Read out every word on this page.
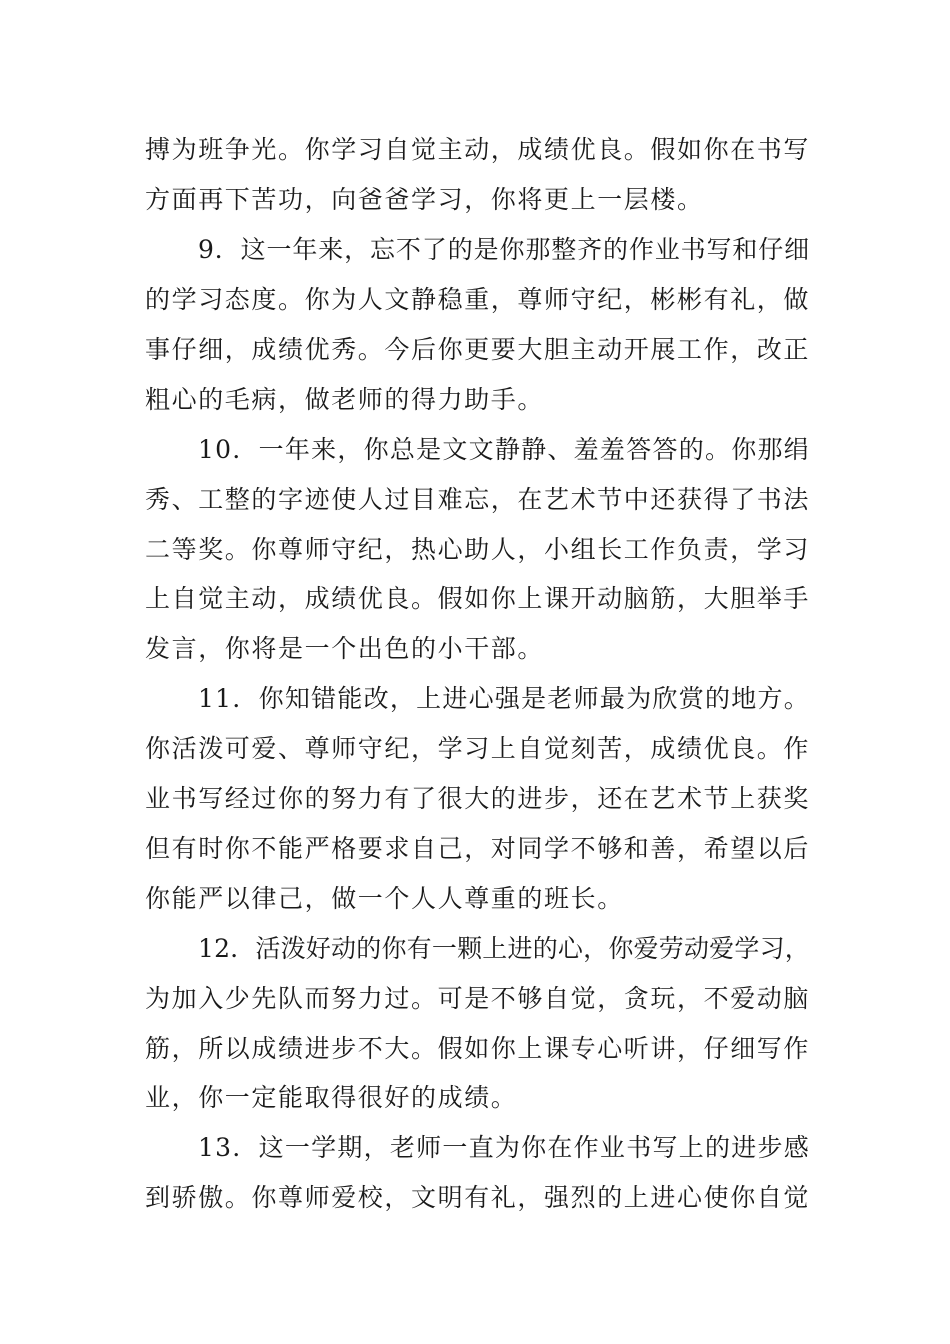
搏为班争光。你学习自觉主动，成绩优良。假如你在书写

方面再下苦功，向爸爸学习，你将更上一层楼。

9．这一年来，忘不了的是你那整齐的作业书写和仔细

的学习态度。你为人文静稳重，尊师守纪，彬彬有礼，做

事仔细，成绩优秀。今后你更要大胆主动开展工作，改正

粗心的毛病，做老师的得力助手。

10．一年来，你总是文文静静、羞羞答答的。你那绢

秀、工整的字迹使人过目难忘，在艺术节中还获得了书法

二等奖。你尊师守纪，热心助人，小组长工作负责，学习

上自觉主动，成绩优良。假如你上课开动脑筋，大胆举手

发言，你将是一个出色的小干部。

11．你知错能改，上进心强是老师最为欣赏的地方。

你活泼可爱、尊师守纪，学习上自觉刻苦，成绩优良。作

业书写经过你的努力有了很大的进步，还在艺术节上获奖

但有时你不能严格要求自己，对同学不够和善，希望以后

你能严以律己，做一个人人尊重的班长。

12．活泼好动的你有一颗上进的心，你爱劳动爱学习，

为加入少先队而努力过。可是不够自觉，贪玩，不爱动脑

筋，所以成绩进步不大。假如你上课专心听讲，仔细写作

业，你一定能取得很好的成绩。

13．这一学期，老师一直为你在作业书写上的进步感

到骄傲。你尊师爱校，文明有礼，强烈的上进心使你自觉
